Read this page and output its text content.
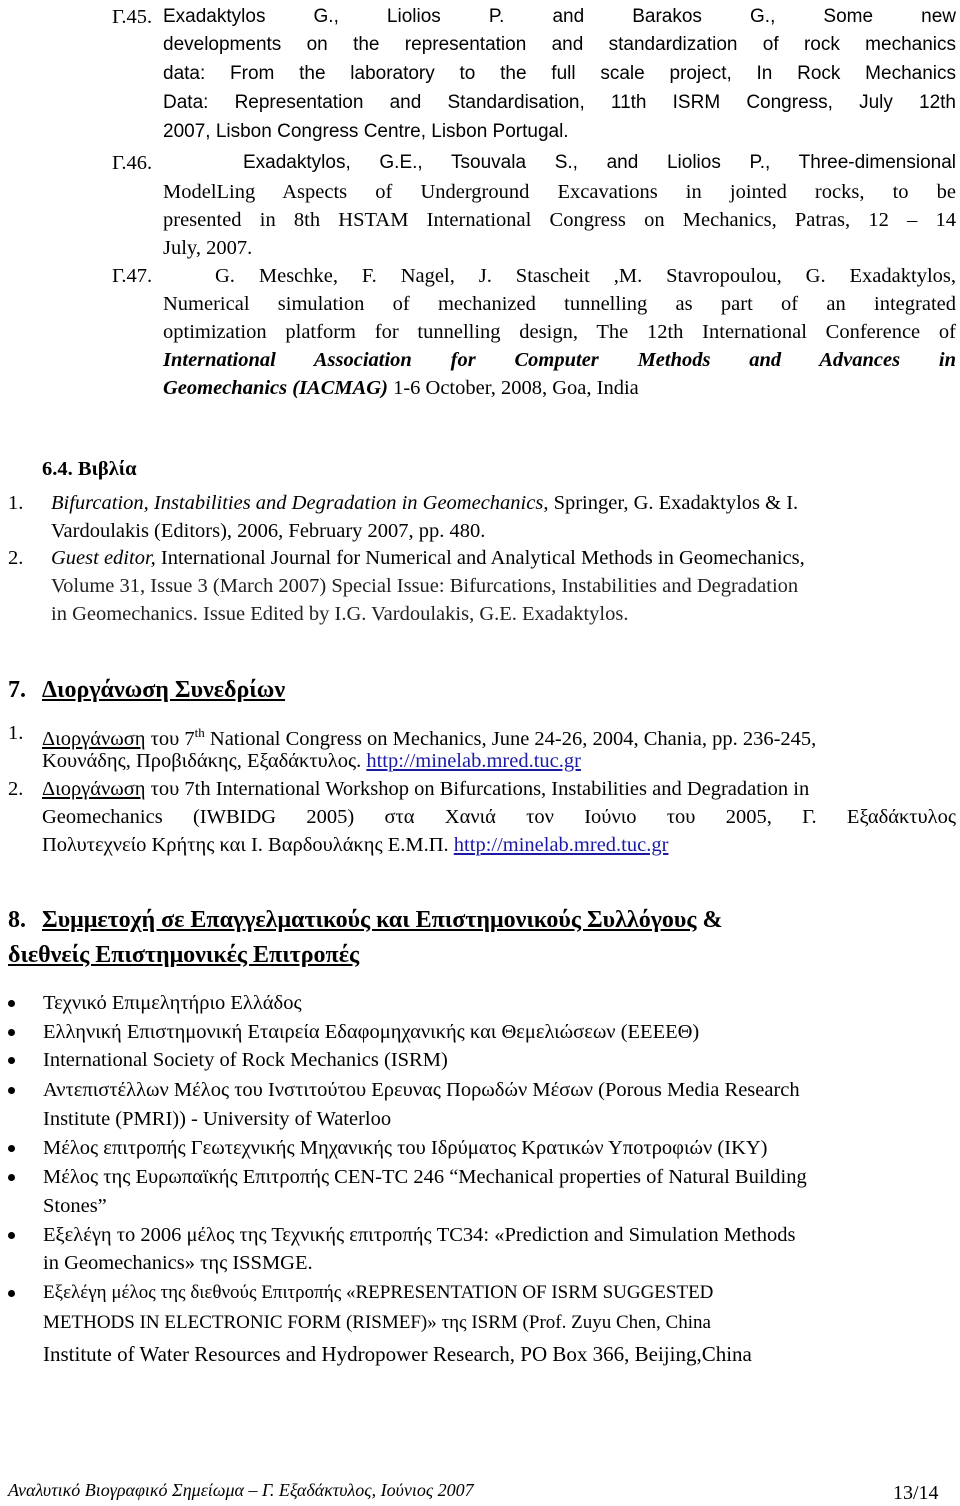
Γ.45. Exadaktylos G., Liolios P. and Barakos G., Some new
developments on the representation and standardization of rock mechanics
data: From the laboratory to the full scale project, In Rock Mechanics
Data: Representation and Standardisation, 11th ISRM Congress, July 12th
2007, Lisbon Congress Centre, Lisbon Portugal.
Γ.46.	Exadaktylos, G.E., Tsouvala S., and Liolios P., Three-dimensional
ModelLing Aspects of Underground Excavations in jointed rocks, to be
presented in 8th HSTAM International Congress on Mechanics, Patras, 12 – 14
July, 2007.
Γ.47.	G. Meschke, F. Nagel, J. Stascheit ,M. Stavropoulou, G. Exadaktylos,
Numerical simulation of mechanized tunnelling as part of an integrated
optimization platform for tunnelling design, The 12th International Conference of
International Association for Computer Methods and Advances in
Geomechanics (IACMAG) 1-6 October, 2008, Goa, India
6.4. Βιβλία
1. Bifurcation, Instabilities and Degradation in Geomechanics, Springer, G. Exadaktylos & I.
Vardoulakis (Editors), 2006, February 2007, pp. 480.
2. Guest editor, International Journal for Numerical and Analytical Methods in Geomechanics,
Volume 31, Issue 3 (March 2007) Special Issue: Bifurcations, Instabilities and Degradation
in Geomechanics. Issue Edited by I.G. Vardoulakis, G.E. Exadaktylos.
7. Διοργάνωση Συνεδρίων
1. Διοργάνωση του 7th National Congress on Mechanics, June 24-26, 2004, Chania, pp. 236-245,
Κουνάδης, Προβιδάκης, Εξαδάκτυλος. http://minelab.mred.tuc.gr
2. Διοργάνωση του 7th International Workshop on Bifurcations, Instabilities and Degradation in
Geomechanics (IWBIDG 2005) στα Χανιά τον Ιούνιο του 2005, Γ. Εξαδάκτυλος
Πολυτεχνείο Κρήτης και Ι. Βαρδουλάκης Ε.Μ.Π. http://minelab.mred.tuc.gr
8. Συμμετοχή σε Επαγγελματικούς και Επιστημονικούς Συλλόγους &
διεθνείς Επιστημονικές Επιτροπές
Τεχνικό Επιμελητήριο Ελλάδος
Ελληνική Επιστημονική Εταιρεία Εδαφομηχανικής και Θεμελιώσεων (ΕΕΕΕΘ)
International Society of Rock Mechanics (ISRM)
Αντεπιστέλλων Μέλος του Ινστιτούτου Ερευνας Πορωδών Μέσων (Porous Media Research
Institute (PMRI)) - University of Waterloo
Μέλος επιτροπής Γεωτεχνικής Μηχανικής του Ιδρύματος Κρατικών Υποτροφιών (ΙΚΥ)
Μέλος της Ευρωπαϊκής Επιτροπής CEN-TC 246 “Mechanical properties of Natural Building
Stones”
Εξελέγη το 2006 μέλος της Τεχνικής επιτροπής TC34: «Prediction and Simulation Methods
in Geomechanics» της ISSMGE.
Εξελέγη μέλος της διεθνούς Επιτροπής «REPRESENTATION OF ISRM SUGGESTED
METHODS IN ELECTRONIC FORM (RISMEF)» της ISRM (Prof. Zuyu Chen, China
Institute of Water Resources and Hydropower Research, PO Box 366, Beijing,China
Αναλυτικό Βιογραφικό Σημείωμα – Γ. Εξαδάκτυλος, Ιούνιος 2007	13/14
